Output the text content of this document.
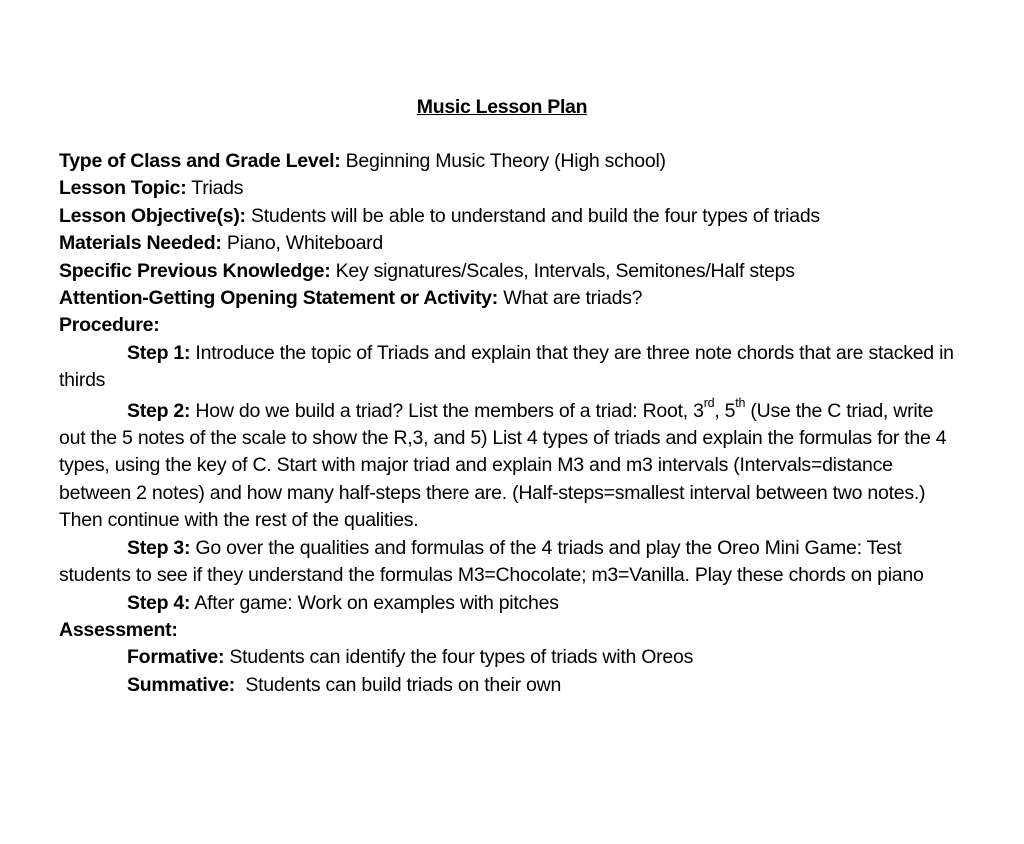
Music Lesson Plan
Type of Class and Grade Level: Beginning Music Theory (High school)
Lesson Topic: Triads
Lesson Objective(s): Students will be able to understand and build the four types of triads
Materials Needed: Piano, Whiteboard
Specific Previous Knowledge: Key signatures/Scales, Intervals, Semitones/Half steps
Attention-Getting Opening Statement or Activity: What are triads?
Procedure:

Step 1: Introduce the topic of Triads and explain that they are three note chords that are stacked in thirds

Step 2: How do we build a triad? List the members of a triad: Root, 3rd, 5th (Use the C triad, write out the 5 notes of the scale to show the R,3, and 5) List 4 types of triads and explain the formulas for the 4 types, using the key of C. Start with major triad and explain M3 and m3 intervals (Intervals=distance between 2 notes) and how many half-steps there are. (Half-steps=smallest interval between two notes.) Then continue with the rest of the qualities.

Step 3: Go over the qualities and formulas of the 4 triads and play the Oreo Mini Game: Test students to see if they understand the formulas M3=Chocolate; m3=Vanilla. Play these chords on piano

Step 4: After game: Work on examples with pitches
Assessment:
Formative: Students can identify the four types of triads with Oreos
Summative:  Students can build triads on their own
